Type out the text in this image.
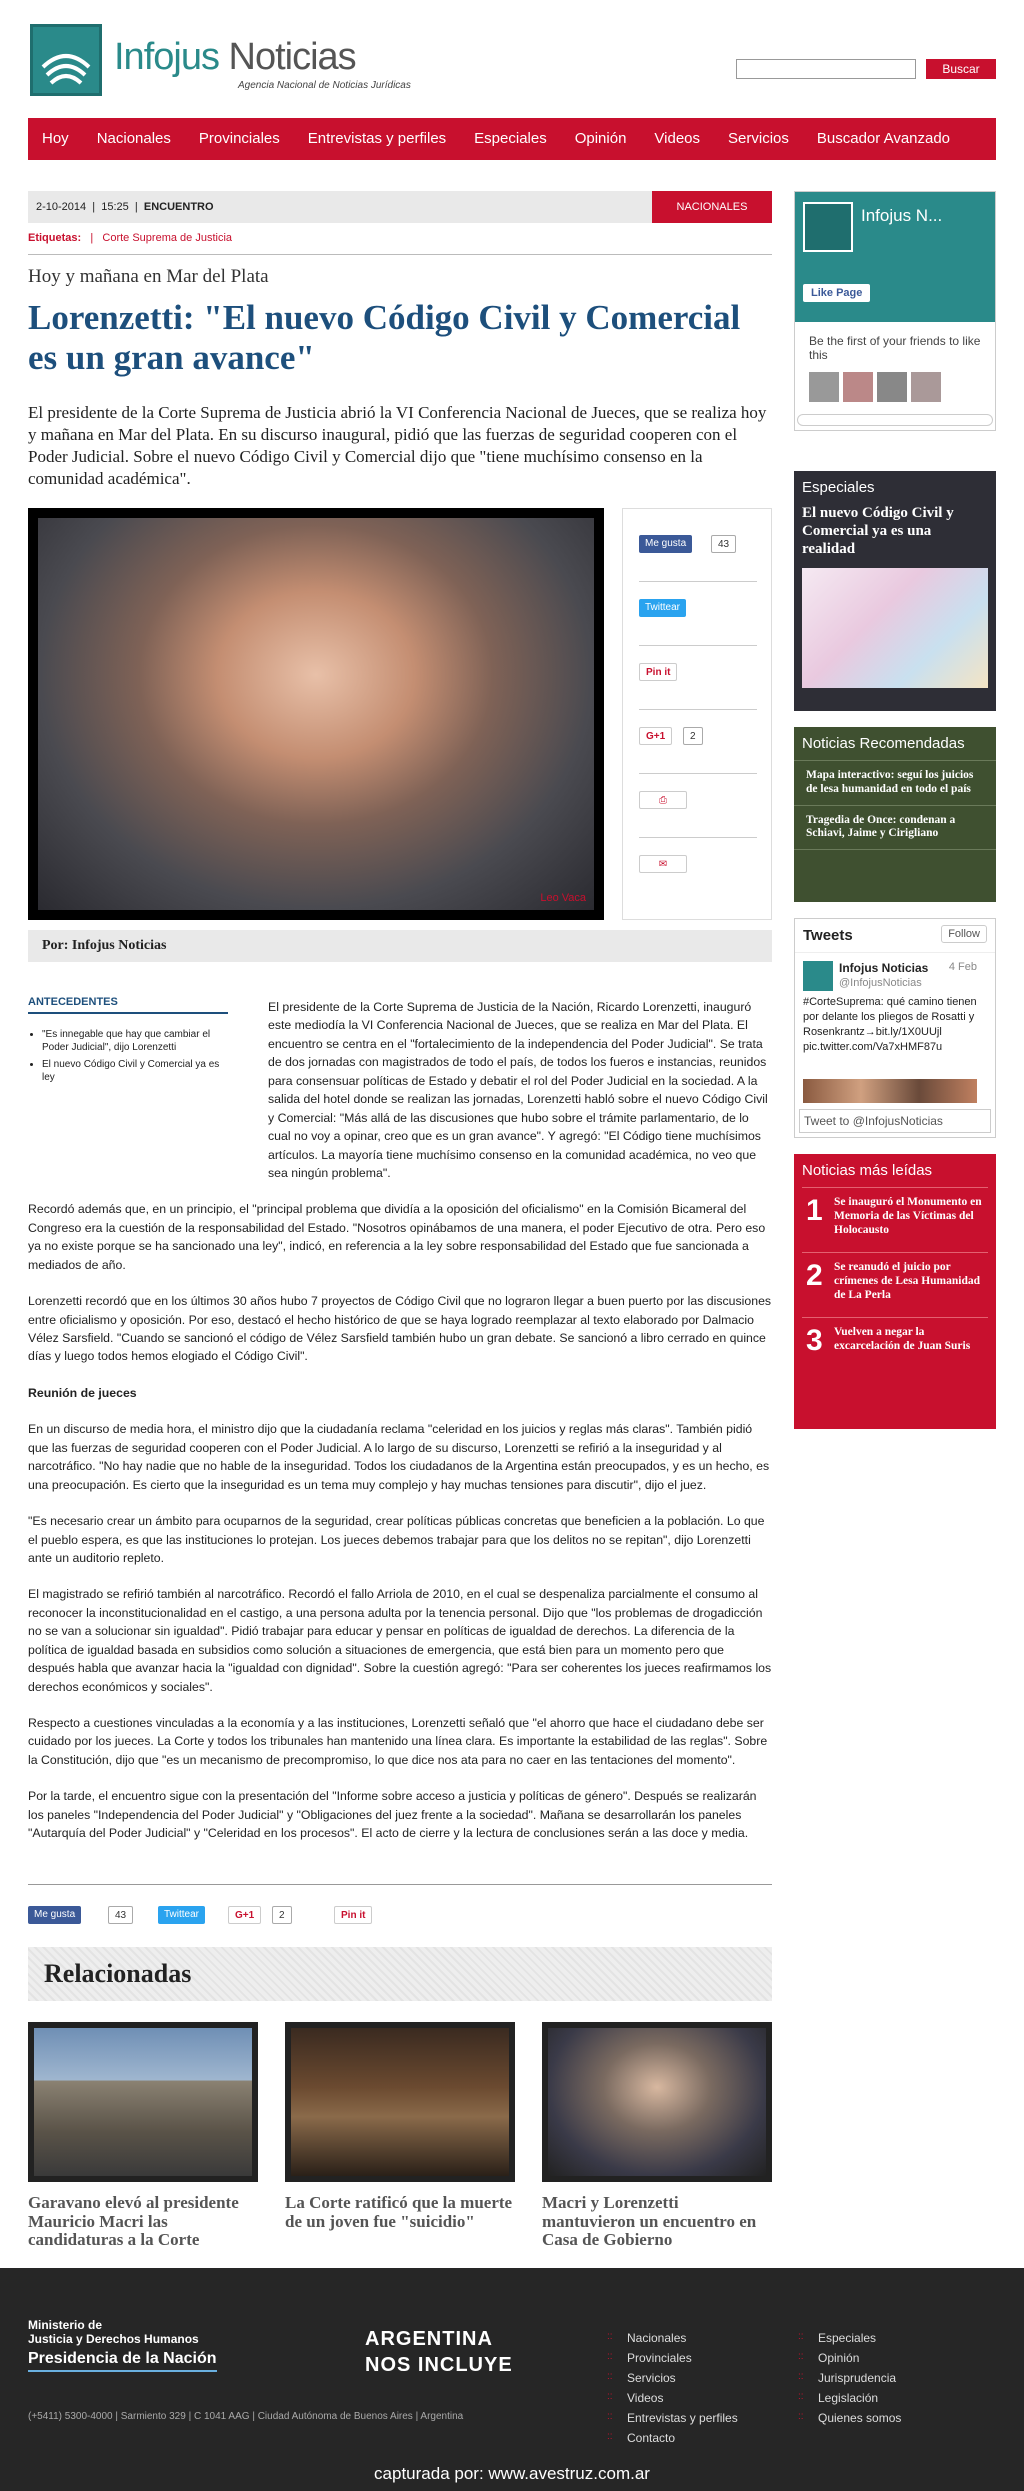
Infojus Noticias
Agencia Nacional de Noticias Jurídicas
Buscar
Hoy	Nacionales	Provinciales	Entrevistas y perfiles	Especiales	Opinión	Videos	Servicios	Buscador Avanzado
2-10-2014  |  15:25  |  ENCUENTRO	NACIONALES
Etiquetas:   |   Corte Suprema de Justicia
Hoy y mañana en Mar del Plata
Lorenzetti: "El nuevo Código Civil y Comercial es un gran avance"

El presidente de la Corte Suprema de Justicia abrió la VI Conferencia Nacional de Jueces, que se realiza hoy y mañana en Mar del Plata. En su discurso inaugural, pidió que las fuerzas de seguridad cooperen con el Poder Judicial. Sobre el nuevo Código Civil y Comercial dijo que "tiene muchísimo consenso en la comunidad académica".

Leo Vaca
Me gusta	43
Twittear
Pin it
G+1	2
⎙
✉
Por: Infojus Noticias
ANTECEDENTES
• "Es innegable que hay que cambiar el Poder Judicial", dijo Lorenzetti
• El nuevo Código Civil y Comercial ya es ley

El presidente de la Corte Suprema de Justicia de la Nación, Ricardo Lorenzetti, inauguró este mediodía la VI Conferencia Nacional de Jueces, que se realiza en Mar del Plata. El encuentro se centra en el "fortalecimiento de la independencia del Poder Judicial". Se trata de dos jornadas con magistrados de todo el país, de todos los fueros e instancias, reunidos para consensuar políticas de Estado y debatir el rol del Poder Judicial en la sociedad. A la salida del hotel donde se realizan las jornadas, Lorenzetti habló sobre el nuevo Código Civil y Comercial: "Más allá de las discusiones que hubo sobre el trámite parlamentario, de lo cual no voy a opinar, creo que es un gran avance". Y agregó: "El Código tiene muchísimos artículos. La mayoría tiene muchísimo consenso en la comunidad académica, no veo que sea ningún problema".

Recordó además que, en un principio, el "principal problema que dividía a la oposición del oficialismo" en la Comisión Bicameral del Congreso era la cuestión de la responsabilidad del Estado. "Nosotros opinábamos de una manera, el poder Ejecutivo de otra. Pero eso ya no existe porque se ha sancionado una ley", indicó, en referencia a la ley sobre responsabilidad del Estado que fue sancionada a mediados de año.

Lorenzetti recordó que en los últimos 30 años hubo 7 proyectos de Código Civil que no lograron llegar a buen puerto por las discusiones entre oficialismo y oposición. Por eso, destacó el hecho histórico de que se haya logrado reemplazar al texto elaborado por Dalmacio Vélez Sarsfield. "Cuando se sancionó el código de Vélez Sarsfield también hubo un gran debate. Se sancionó a libro cerrado en quince días y luego todos hemos elogiado el Código Civil".

Reunión de jueces

En un discurso de media hora, el ministro dijo que la ciudadanía reclama "celeridad en los juicios y reglas más claras". También pidió que las fuerzas de seguridad cooperen con el Poder Judicial. A lo largo de su discurso, Lorenzetti se refirió a la inseguridad y al narcotráfico. "No hay nadie que no hable de la inseguridad. Todos los ciudadanos de la Argentina están preocupados, y es un hecho, es una preocupación. Es cierto que la inseguridad es un tema muy complejo y hay muchas tensiones para discutir", dijo el juez.

"Es necesario crear un ámbito para ocuparnos de la seguridad, crear políticas públicas concretas que beneficien a la población. Lo que el pueblo espera, es que las instituciones lo protejan. Los jueces debemos trabajar para que los delitos no se repitan", dijo Lorenzetti ante un auditorio repleto.

El magistrado se refirió también al narcotráfico. Recordó el fallo Arriola de 2010, en el cual se despenaliza parcialmente el consumo al reconocer la inconstitucionalidad en el castigo, a una persona adulta por la tenencia personal. Dijo que "los problemas de drogadicción no se van a solucionar sin igualdad". Pidió trabajar para educar y pensar en políticas de igualdad de derechos. La diferencia de la política de igualdad basada en subsidios como solución a situaciones de emergencia, que está bien para un momento pero que después habla que avanzar hacia la "igualdad con dignidad". Sobre la cuestión agregó: "Para ser coherentes los jueces reafirmamos los derechos económicos y sociales".

Respecto a cuestiones vinculadas a la economía y a las instituciones, Lorenzetti señaló que "el ahorro que hace el ciudadano debe ser cuidado por los jueces. La Corte y todos los tribunales han mantenido una línea clara. Es importante la estabilidad de las reglas". Sobre la Constitución, dijo que "es un mecanismo de precompromiso, lo que dice nos ata para no caer en las tentaciones del momento".

Por la tarde, el encuentro sigue con la presentación del "Informe sobre acceso a justicia y políticas de género". Después se realizarán los paneles "Independencia del Poder Judicial" y "Obligaciones del juez frente a la sociedad". Mañana se desarrollarán los paneles "Autarquía del Poder Judicial" y "Celeridad en los procesos". El acto de cierre y la lectura de conclusiones serán a las doce y media.

Me gusta	43	Twittear	G+1	2	Pin it
Relacionadas
Garavano elevó al presidente Mauricio Macri las candidaturas a la Corte
La Corte ratificó que la muerte de un joven fue "suicidio"
Macri y Lorenzetti mantuvieron un encuentro en Casa de Gobierno
Infojus N...
Like Page
Be the first of your friends to like this
Especiales
El nuevo Código Civil y Comercial ya es una realidad
Noticias Recomendadas
Mapa interactivo: seguí los juicios de lesa humanidad en todo el país
Tragedia de Once: condenan a Schiavi, Jaime y Cirigliano
Tweets	Follow
Infojus Noticias
@InfojusNoticias
4 Feb
#CorteSuprema: qué camino tienen por delante los pliegos de Rosatti y Rosenkrantz→bit.ly/1X0UUjl pic.twitter.com/Va7xHMF87u
Tweet to @InfojusNoticias
Noticias más leídas
1 Se inauguró el Monumento en Memoria de las Víctimas del Holocausto
2 Se reanudó el juicio por crímenes de Lesa Humanidad de La Perla
3 Vuelven a negar la excarcelación de Juan Suris
Ministerio de
Justicia y Derechos Humanos
Presidencia de la Nación
ARGENTINA
NOS INCLUYE
(+5411) 5300-4000 | Sarmiento 329 | C 1041 AAG | Ciudad Autónoma de Buenos Aires | Argentina
:: Nacionales
:: Provinciales
:: Servicios
:: Videos
:: Entrevistas y perfiles
:: Contacto
:: Especiales
:: Opinión
:: Jurisprudencia
:: Legislación
:: Quienes somos
capturada por: www.avestruz.com.ar
